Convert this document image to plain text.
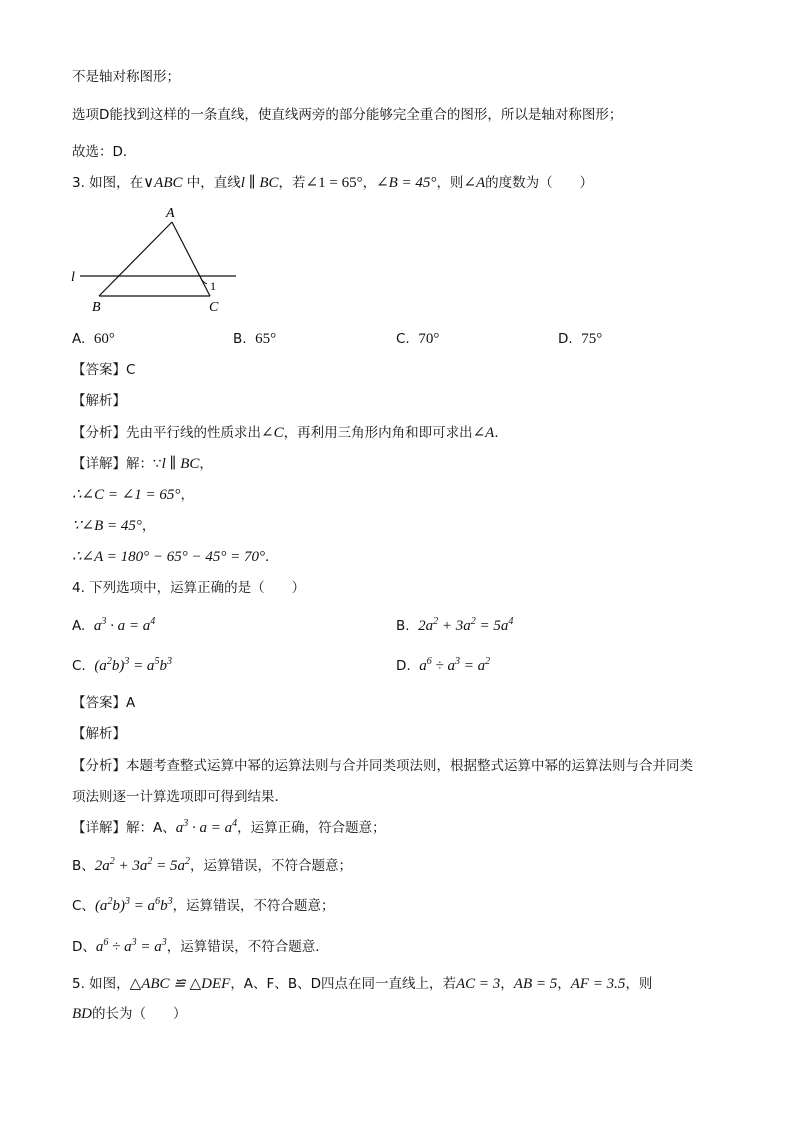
不是轴对称图形；
选项D能找到这样的一条直线，使直线两旁的部分能够完全重合的图形，所以是轴对称图形；
故选：D．
3. 如图，在∨ABC 中，直线l ∥ BC，若∠1 = 65°，∠B = 45°，则∠A的度数为（　　）
A
l
1
B	C
A. 60°	B. 65°	C. 70°	D. 75°
【答案】C
【解析】
【分析】先由平行线的性质求出∠C，再利用三角形内角和即可求出∠A．
【详解】解：∵l ∥ BC，
∴∠C = ∠1 = 65°，
∵∠B = 45°，
∴∠A = 180° − 65° − 45° = 70°．
4. 下列选项中，运算正确的是（　　）
A. $a^3 \cdot a = a^4$	B. $2a^2 + 3a^2 = 5a^4$
C. $(a^2b)^3 = a^5b^3$	D. $a^6 \div a^3 = a^2$
【答案】A
【解析】
【分析】本题考查整式运算中幂的运算法则与合并同类项法则，根据整式运算中幂的运算法则与合并同类
项法则逐一计算选项即可得到结果．
【详解】解：A、$a^3 \cdot a = a^4$，运算正确，符合题意；
B、$2a^2 + 3a^2 = 5a^2$，运算错误，不符合题意；
C、$(a^2b)^3 = a^6b^3$，运算错误，不符合题意；
D、$a^6 \div a^3 = a^3$，运算错误，不符合题意．
5. 如图，△ABC ≌ △DEF，A、F、B、D四点在同一直线上，若AC = 3，AB = 5，AF = 3.5，则
BD的长为（　　）
